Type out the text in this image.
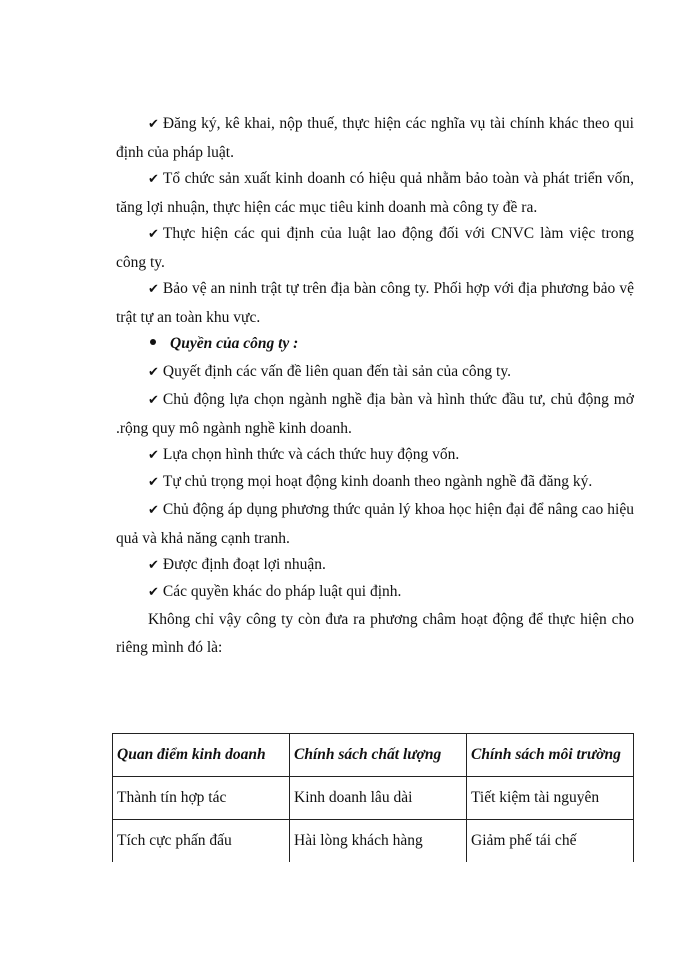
✔ Đăng ký, kê khai, nộp thuế, thực hiện các nghĩa vụ tài chính khác theo qui định của pháp luật.

✔ Tổ chức sản xuất kinh doanh có hiệu quả nhằm bảo toàn và phát triển vốn, tăng lợi nhuận, thực hiện các mục tiêu kinh doanh mà công ty đề ra.

✔ Thực hiện các qui định của luật lao động đối với CNVC làm việc trong công ty.

✔ Bảo vệ an ninh trật tự trên địa bàn công ty. Phối hợp với địa phương bảo vệ trật tự an toàn khu vực.

Quyền của công ty :

✔ Quyết định các vấn đề liên quan đến tài sản của công ty.

✔ Chủ động lựa chọn ngành nghề địa bàn và hình thức đầu tư, chủ động mở .rộng quy mô ngành nghề kinh doanh.

✔ Lựa chọn hình thức và cách thức huy động vốn.

✔ Tự chủ trọng mọi hoạt động kinh doanh theo ngành nghề đã đăng ký.

✔ Chủ động áp dụng phương thức quản lý khoa học hiện đại để nâng cao hiệu quả và khả năng cạnh tranh.

✔ Được định đoạt lợi nhuận.

✔ Các quyền khác do pháp luật qui định.

Không chỉ vậy công ty còn đưa ra phương châm hoạt động để thực hiện cho riêng mình đó là:

Quan điểm kinh doanh	Chính sách chất lượng	Chính sách môi trường
Thành tín hợp tác	Kinh doanh lâu dài	Tiết kiệm tài nguyên
Tích cực phấn đấu	Hài lòng khách hàng	Giảm phế tái chế
